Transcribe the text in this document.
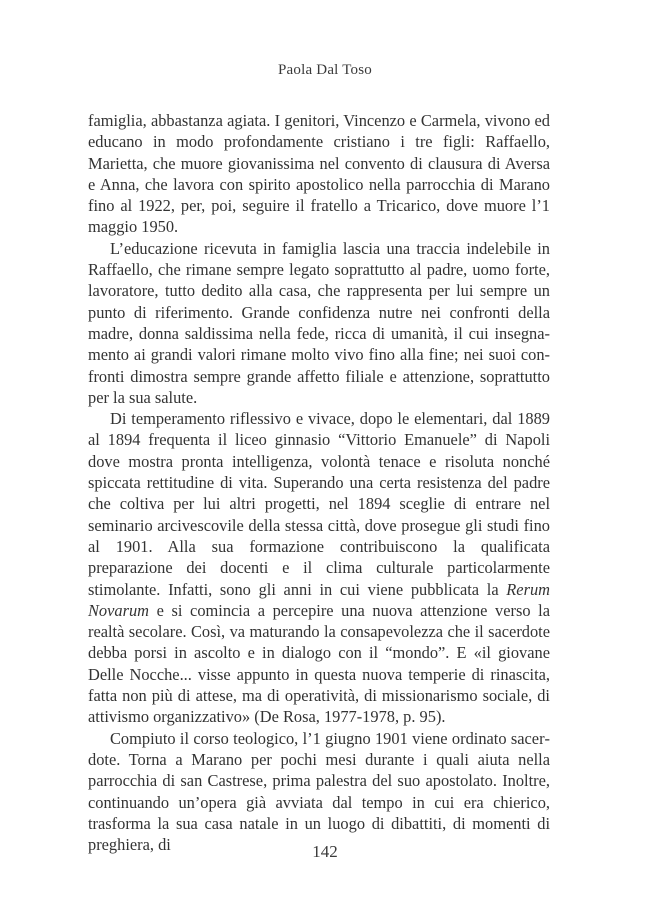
Paola Dal Toso

famiglia, abbastanza agiata. I genitori, Vincenzo e Carmela, vivono ed educano in modo profondamente cristiano i tre figli: Raffaello, Marietta, che muore giovanissima nel convento di clausura di Aversa e Anna, che lavora con spirito apostolico nella parrocchia di Marano fino al 1922, per, poi, seguire il fratello a Tricarico, dove muore l’1 maggio 1950.

L’educazione ricevuta in famiglia lascia una traccia indelebile in Raffaello, che rimane sempre legato soprattutto al padre, uomo forte, lavoratore, tutto dedito alla casa, che rappresenta per lui sempre un punto di riferimento. Grande confidenza nutre nei confronti della madre, donna saldissima nella fede, ricca di umanità, il cui insegnamento ai grandi valori rimane molto vivo fino alla fine; nei suoi confronti dimostra sempre grande affetto filiale e attenzione, soprattutto per la sua salute.

Di temperamento riflessivo e vivace, dopo le elementari, dal 1889 al 1894 frequenta il liceo ginnasio “Vittorio Emanuele” di Napoli dove mostra pronta intelligenza, volontà tenace e risoluta nonché spiccata rettitudine di vita. Superando una certa resistenza del padre che coltiva per lui altri progetti, nel 1894 sceglie di entrare nel seminario arcivescovile della stessa città, dove prosegue gli studi fino al 1901. Alla sua formazione contribuiscono la qualificata preparazione dei docenti e il clima culturale particolarmente stimolante. Infatti, sono gli anni in cui viene pubblicata la Rerum Novarum e si comincia a percepire una nuova attenzione verso la realtà secolare. Così, va maturando la consapevolezza che il sacerdote debba porsi in ascolto e in dialogo con il “mondo”. E «il giovane Delle Nocche... visse appunto in questa nuova temperie di rinascita, fatta non più di attese, ma di operatività, di missionarismo sociale, di attivismo organizzativo» (De Rosa, 1977-1978, p. 95).

Compiuto il corso teologico, l’1 giugno 1901 viene ordinato sacerdote. Torna a Marano per pochi mesi durante i quali aiuta nella parrocchia di san Castrese, prima palestra del suo apostolato. Inoltre, continuando un’opera già avviata dal tempo in cui era chierico, trasforma la sua casa natale in un luogo di dibattiti, di momenti di preghiera, di	142
